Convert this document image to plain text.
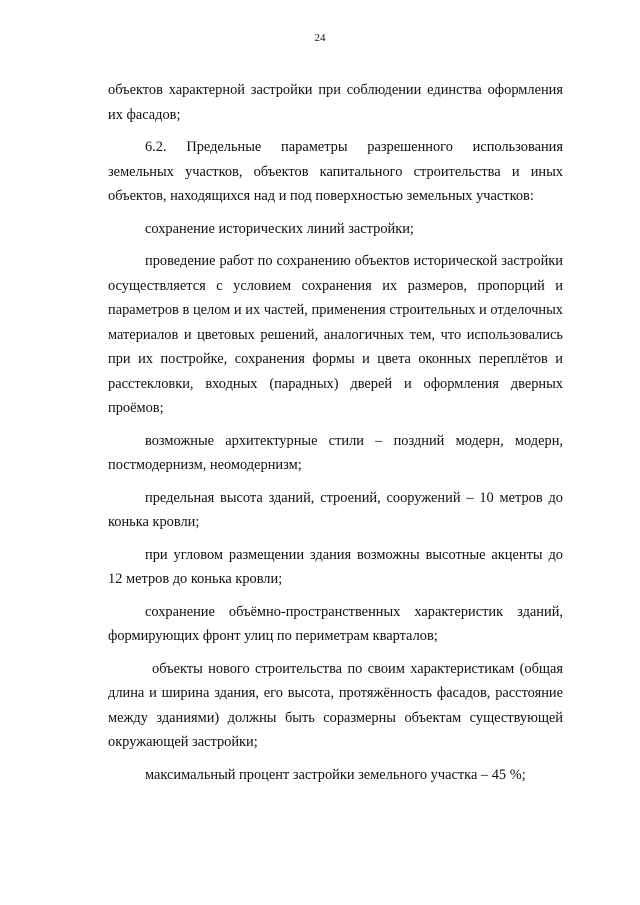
24

объектов характерной застройки при соблюдении единства оформления их фасадов;

6.2. Предельные параметры разрешенного использования земельных участков, объектов капитального строительства и иных объектов, находящихся над и под поверхностью земельных участков:

сохранение исторических линий застройки;

проведение работ по сохранению объектов исторической застройки осуществляется с условием сохранения их размеров, пропорций и параметров в целом и их частей, применения строительных и отделочных материалов и цветовых решений, аналогичных тем, что использовались при их постройке, сохранения формы и цвета оконных переплётов и расстекловки, входных (парадных) дверей и оформления дверных проёмов;

возможные архитектурные стили – поздний модерн, модерн, постмодернизм, неомодернизм;

предельная высота зданий, строений, сооружений – 10 метров до конька кровли;

при угловом размещении здания возможны высотные акценты до 12 метров до конька кровли;

сохранение объёмно-пространственных характеристик зданий, формирующих фронт улиц по периметрам кварталов;

объекты нового строительства по своим характеристикам (общая длина и ширина здания, его высота, протяжённость фасадов, расстояние между зданиями) должны быть соразмерны объектам существующей окружающей застройки;

максимальный процент застройки земельного участка – 45 %;
